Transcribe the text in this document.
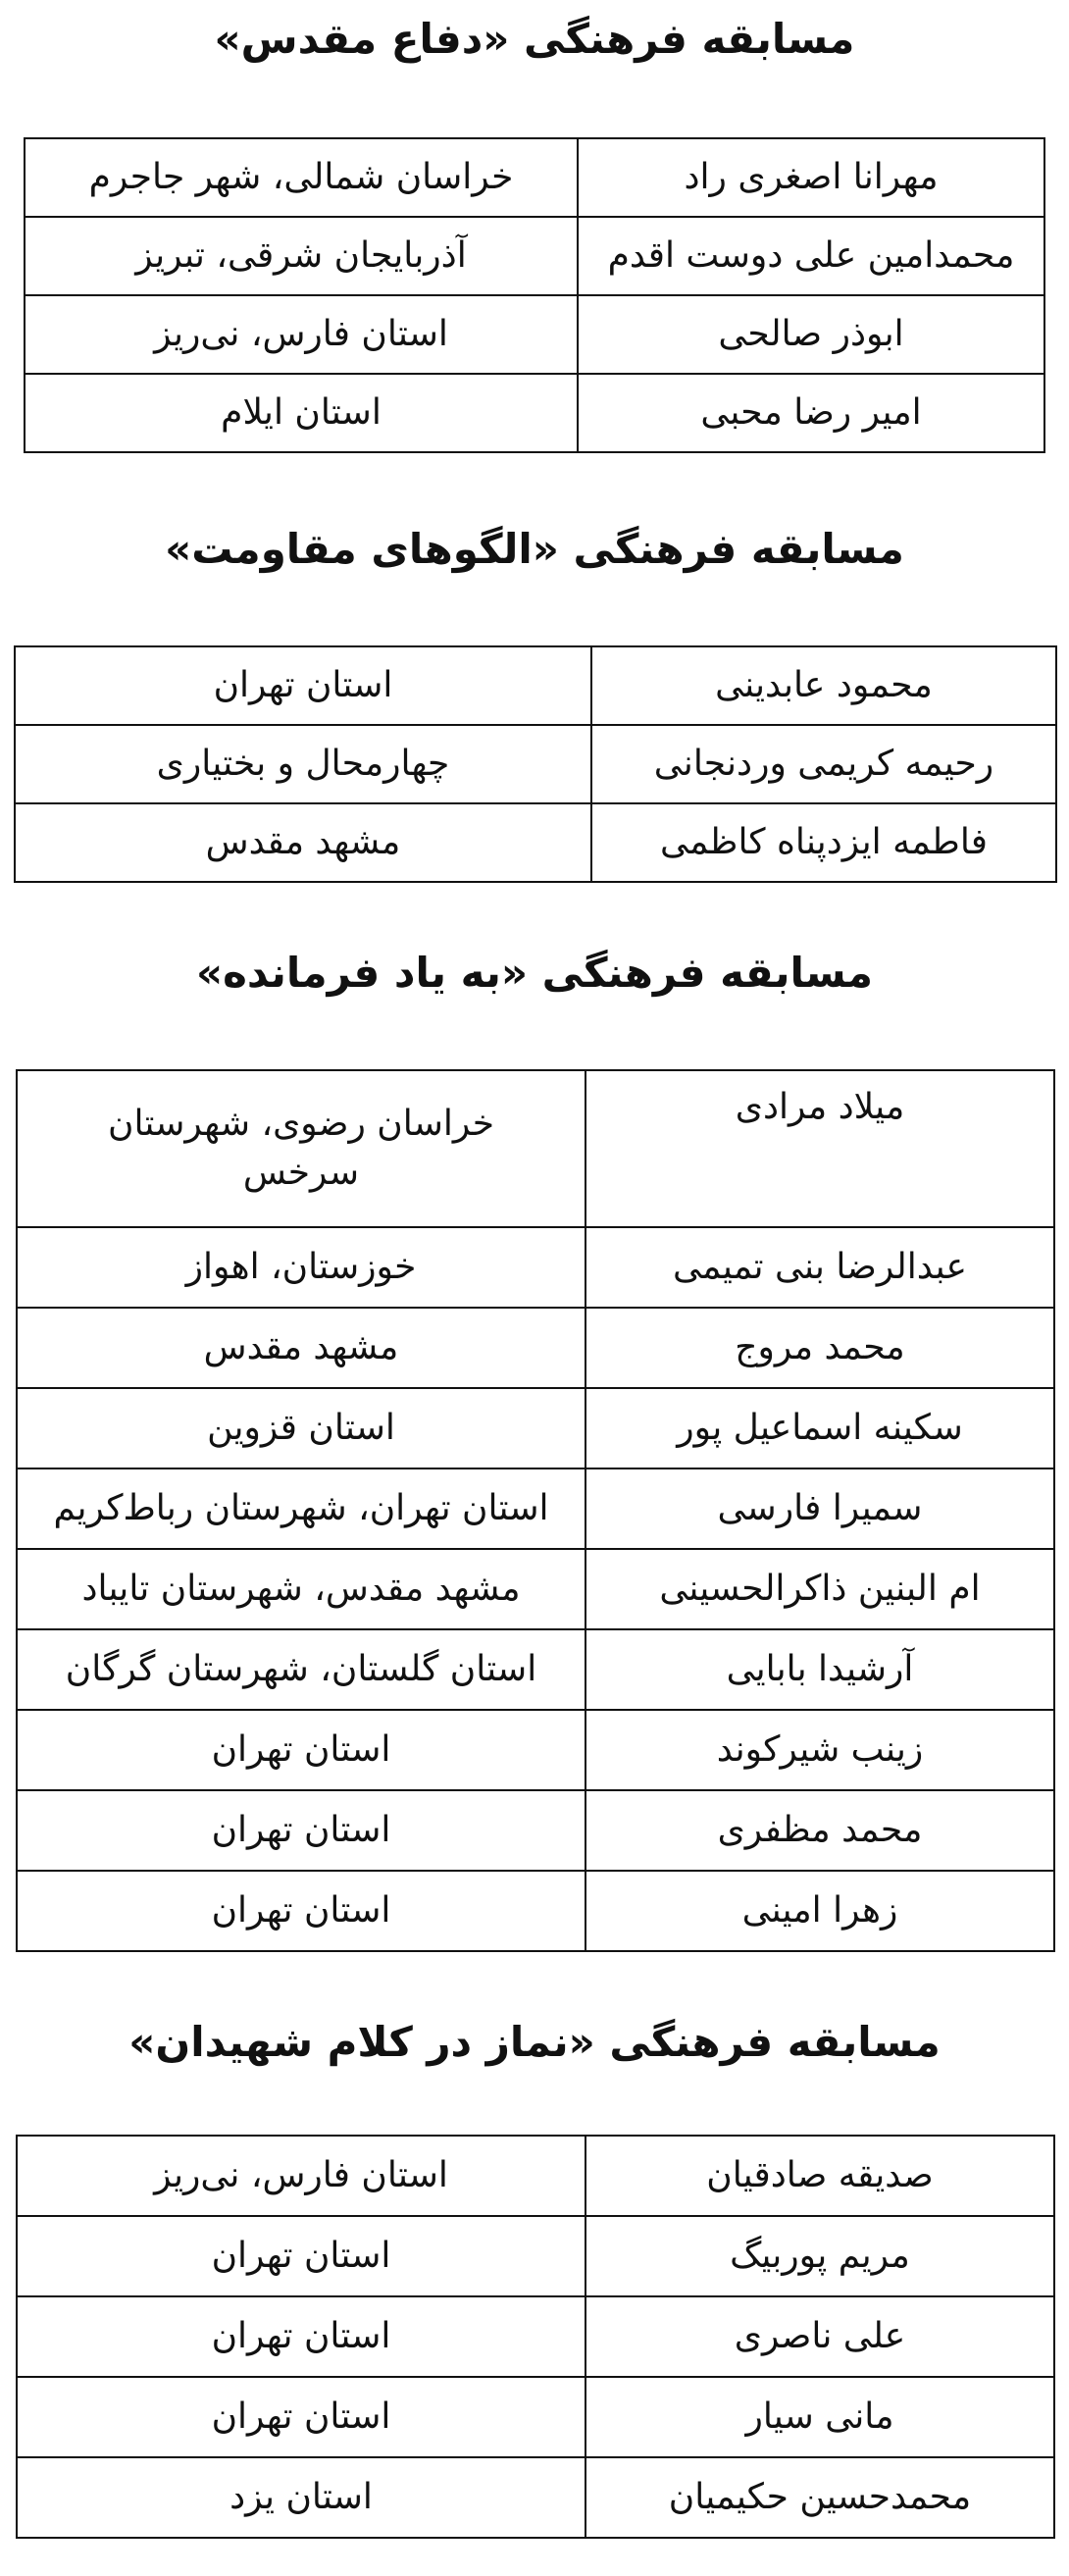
مسابقه فرهنگی «دفاع مقدس»
مهرانا اصغری راد	خراسان شمالی، شهر جاجرم
محمدامین علی دوست اقدم	آذربایجان شرقی، تبریز
ابوذر صالحی	استان فارس، نی‌ریز
امیر رضا محبی	استان ایلام
مسابقه فرهنگی «الگوهای مقاومت»
محمود عابدینی	استان تهران
رحیمه کریمی وردنجانی	چهارمحال و بختیاری
فاطمه ایزدپناه کاظمی	مشهد مقدس
مسابقه فرهنگی «به یاد فرمانده»
میلاد مرادی	خراسان رضوی، شهرستان سرخس
عبدالرضا بنی تمیمی	خوزستان، اهواز
محمد مروج	مشهد مقدس
سکینه اسماعیل پور	استان قزوین
سمیرا فارسی	استان تهران، شهرستان رباط‌کریم
ام البنین ذاکرالحسینی	مشهد مقدس، شهرستان تایباد
آرشیدا بابایی	استان گلستان، شهرستان گرگان
زینب شیرکوند	استان تهران
محمد مظفری	استان تهران
زهرا امینی	استان تهران
مسابقه فرهنگی «نماز در کلام شهیدان»
صدیقه صادقیان	استان فارس، نی‌ریز
مریم پوربیگ	استان تهران
علی ناصری	استان تهران
مانی سیار	استان تهران
محمدحسین حکیمیان	استان یزد
